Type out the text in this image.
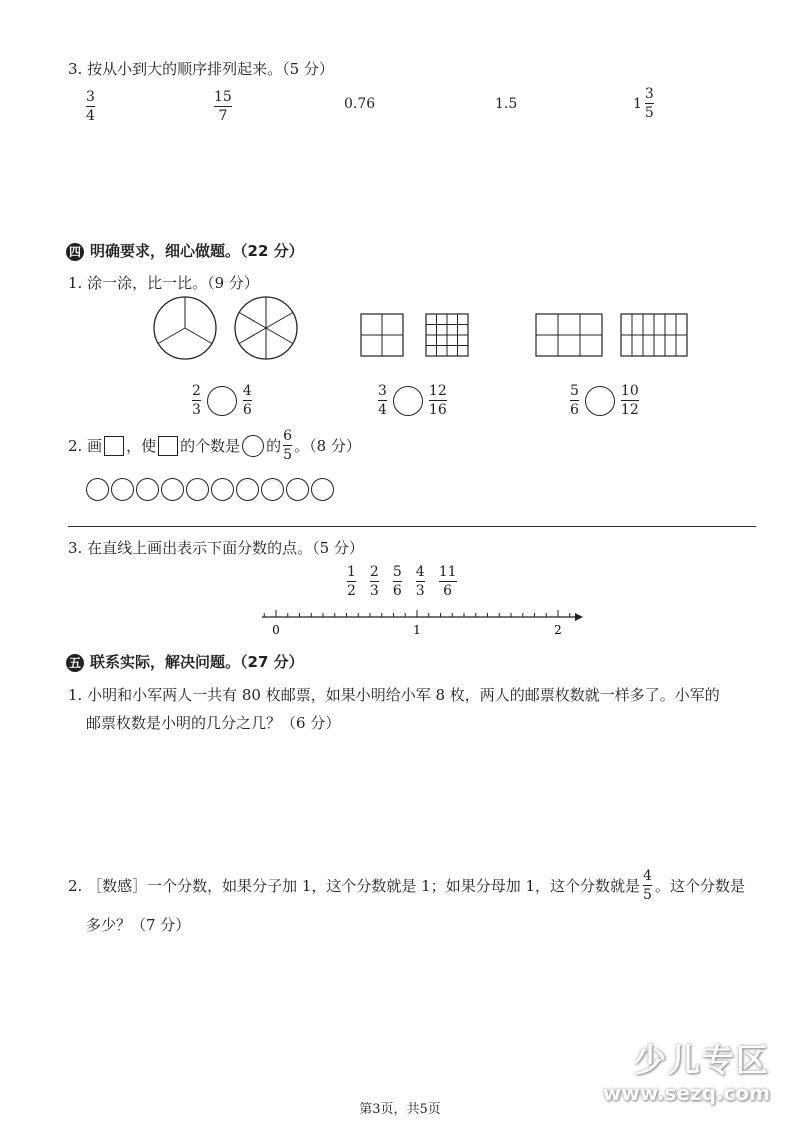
3. 按从小到大的顺序排列起来。（5 分）
$\frac{3}{4}$	$\frac{15}{7}$	0.76	1.5	$1 \frac{3}{5}$
四 明确要求，细心做题。（22 分）
1. 涂一涂，比一比。（9 分）
$\frac{2}{3}$	$\frac{4}{6}$	$\frac{3}{4}$	$\frac{12}{16}$	$\frac{5}{6}$	$\frac{10}{12}$
2. 画 ，使 的个数是 的 $\frac{6}{5}$ 。（8 分）
3. 在直线上画出表示下面分数的点。（5 分）
$\frac{1}{2} \frac{2}{3} \frac{5}{6} \frac{4}{3} \frac{11}{6}$
0	1	2
五 联系实际，解决问题。（27 分）
1. 小明和小军两人一共有 80 枚邮票，如果小明给小军 8 枚，两人的邮票枚数就一样多了。小军的
邮票枚数是小明的几分之几？（6 分）
2. ［数感］一个分数，如果分子加 1，这个分数就是 1；如果分母加 1，这个分数就是 $\frac{4}{5}$ 。这个分数是
多少？（7 分）
少儿专区
www.sezq.com
第3页，共5页
